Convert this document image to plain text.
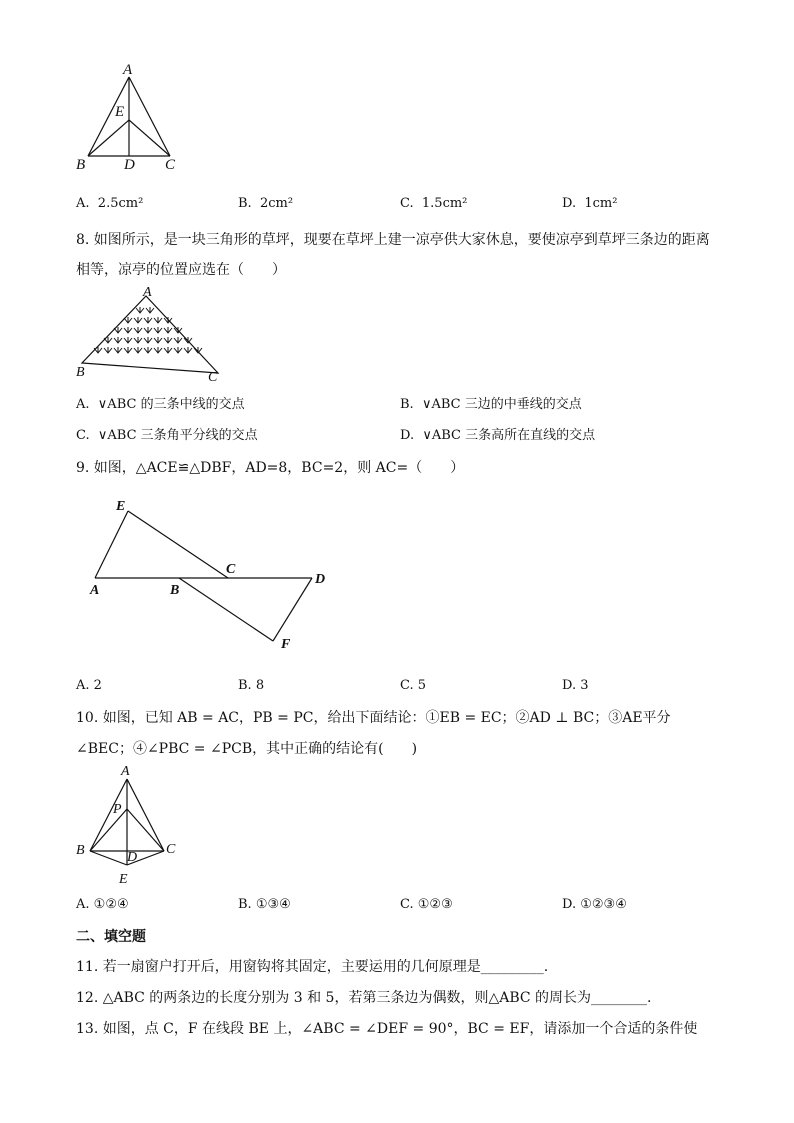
A
E
B	D C
A. 2.5cm²	B. 2cm²	C. 1.5cm²	D. 1cm²
8. 如图所示，是一块三角形的草坪，现要在草坪上建一凉亭供大家休息，要使凉亭到草坪三条边的距离
相等，凉亭的位置应选在（　　）
A
B	C
A. ∨ABC 的三条中线的交点	B. ∨ABC 三边的中垂线的交点
C. ∨ABC 三条角平分线的交点	D. ∨ABC 三条高所在直线的交点
9. 如图，△ACE≌△DBF，AD=8，BC=2，则 AC=（　　）
E
C
D
A	B
F
A. 2	B. 8	C. 5	D. 3
10. 如图，已知 AB = AC，PB = PC，给出下面结论：①EB = EC；②AD ⊥ BC；③AE平分
∠BEC；④∠PBC = ∠PCB，其中正确的结论有(　　)
A
P
B	D
C
E
A. ①②④	B. ①③④	C. ①②③	D. ①②③④
二、填空题
11. 若一扇窗户打开后，用窗钩将其固定，主要运用的几何原理是_________.
12. △ABC 的两条边的长度分别为 3 和 5，若第三条边为偶数，则△ABC 的周长为________.
13. 如图，点 C，F 在线段 BE 上，∠ABC = ∠DEF = 90°，BC = EF，请添加一个合适的条件使
